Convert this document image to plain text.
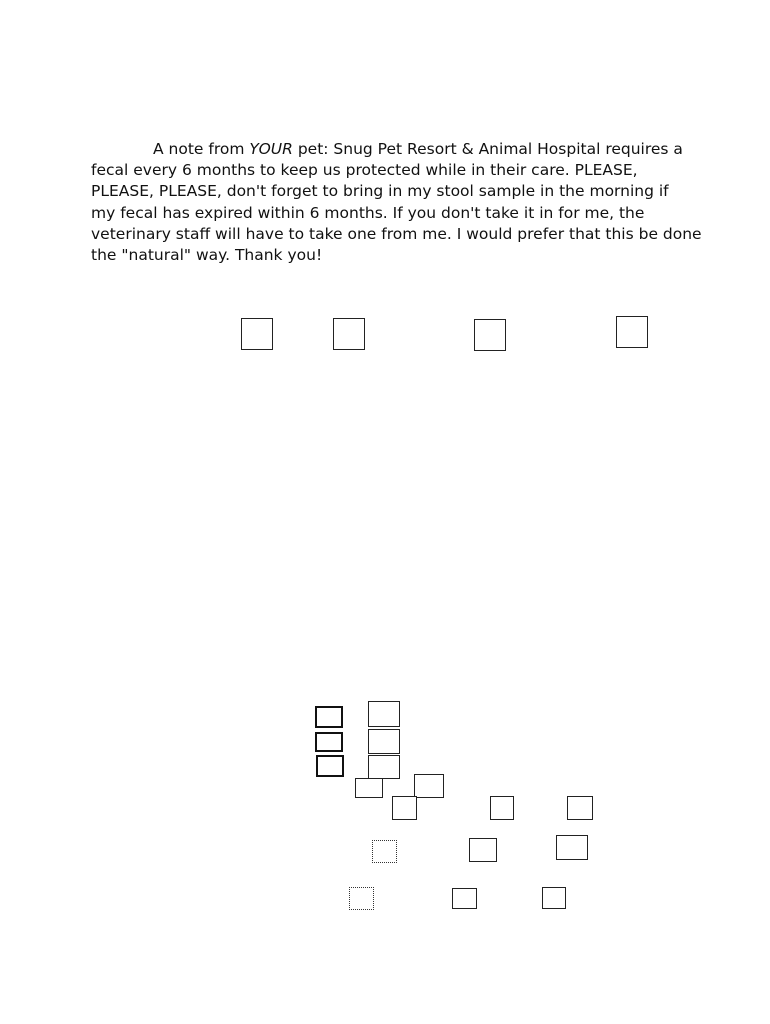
A note from YOUR pet: Snug Pet Resort & Animal Hospital requires a
fecal every 6 months to keep us protected while in their care. PLEASE,
PLEASE, PLEASE, don't forget to bring in my stool sample in the morning if
my fecal has expired within 6 months. If you don't take it in for me, the
veterinary staff will have to take one from me. I would prefer that this be done
the "natural" way. Thank you!
